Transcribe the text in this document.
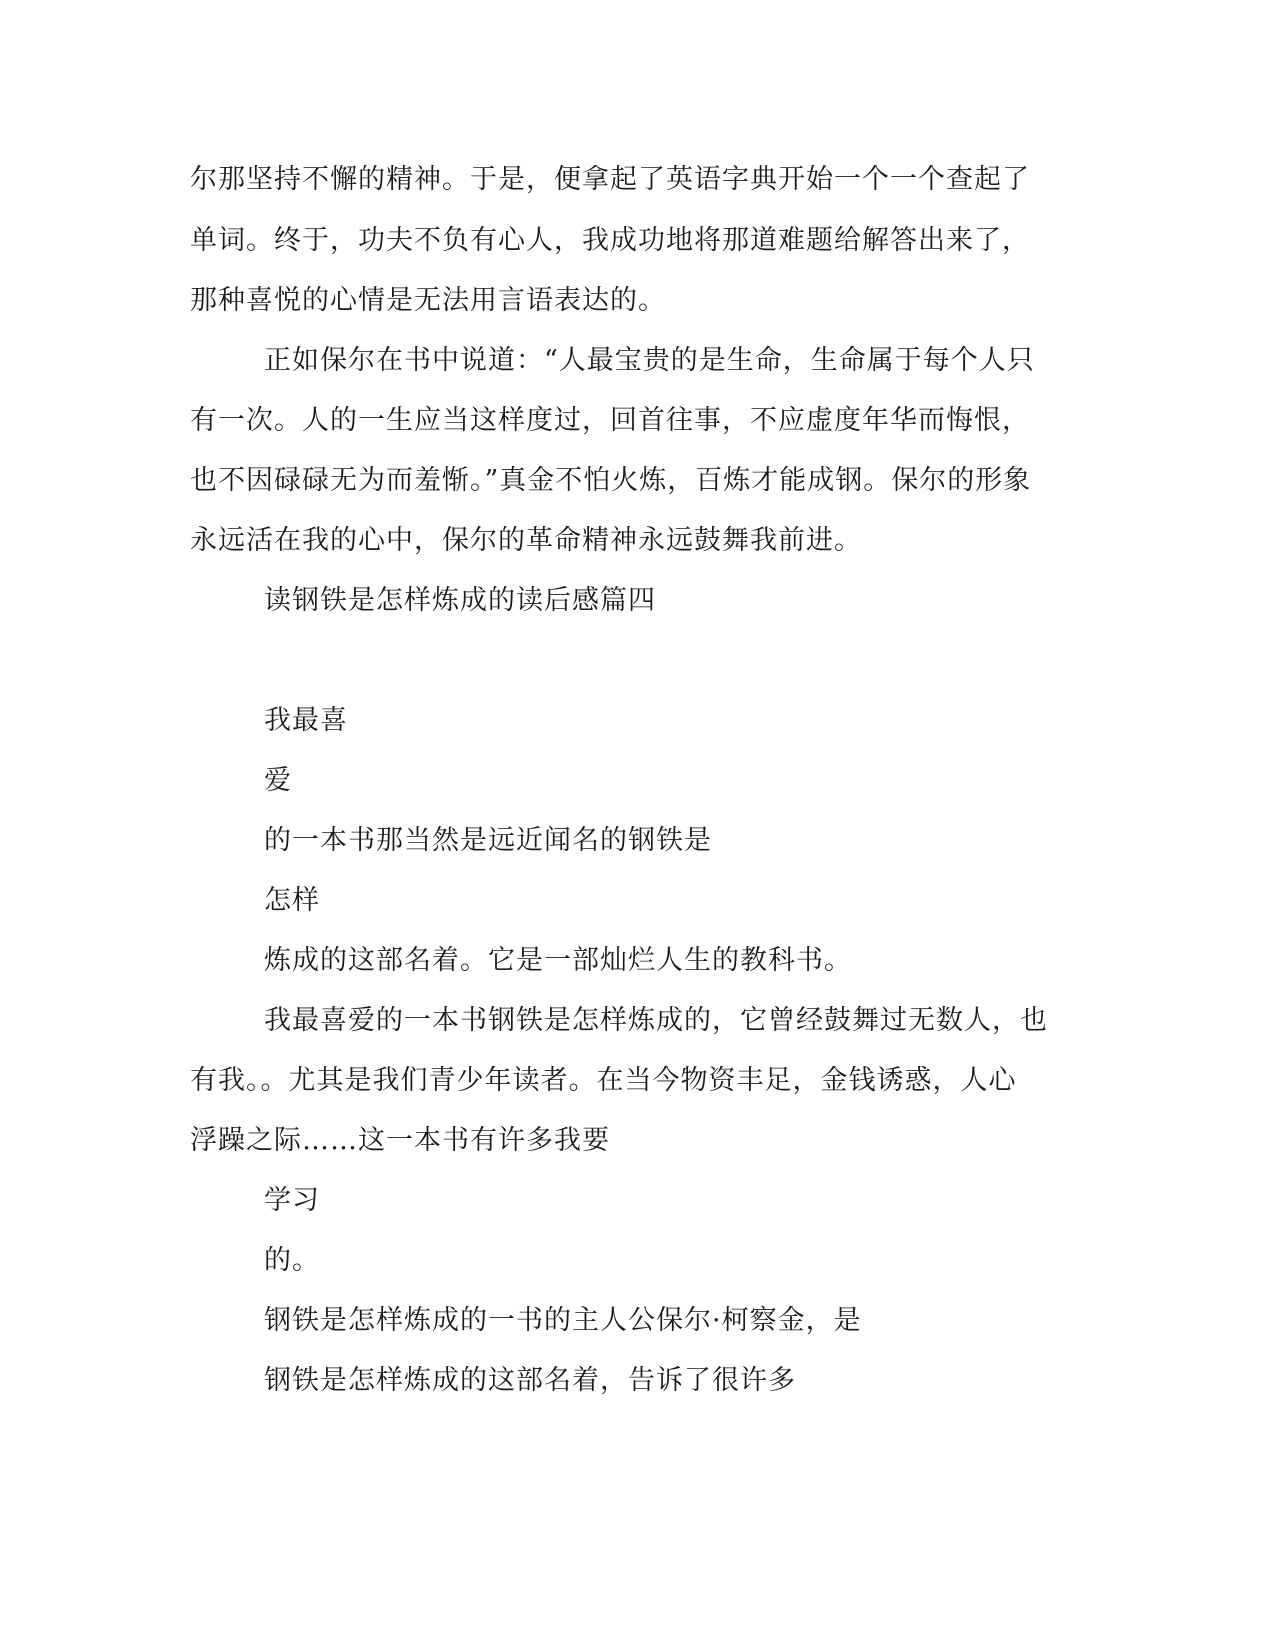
尔那坚持不懈的精神。于是，便拿起了英语字典开始一个一个查起了
单词。终于，功夫不负有心人，我成功地将那道难题给解答出来了，
那种喜悦的心情是无法用言语表达的。
正如保尔在书中说道：“人最宝贵的是生命，生命属于每个人只
有一次。人的一生应当这样度过，回首往事，不应虚度年华而悔恨，
也不因碌碌无为而羞惭。”真金不怕火炼，百炼才能成钢。保尔的形象
永远活在我的心中，保尔的革命精神永远鼓舞我前进。
读钢铁是怎样炼成的读后感篇四
我最喜
爱
的一本书那当然是远近闻名的钢铁是
怎样
炼成的这部名着。它是一部灿烂人生的教科书。
我最喜爱的一本书钢铁是怎样炼成的，它曾经鼓舞过无数人，也
有我。。尤其是我们青少年读者。在当今物资丰足，金钱诱惑，人心
浮躁之际……这一本书有许多我要
学习
的。
钢铁是怎样炼成的一书的主人公保尔·柯察金，是
钢铁是怎样炼成的这部名着，告诉了很许多
